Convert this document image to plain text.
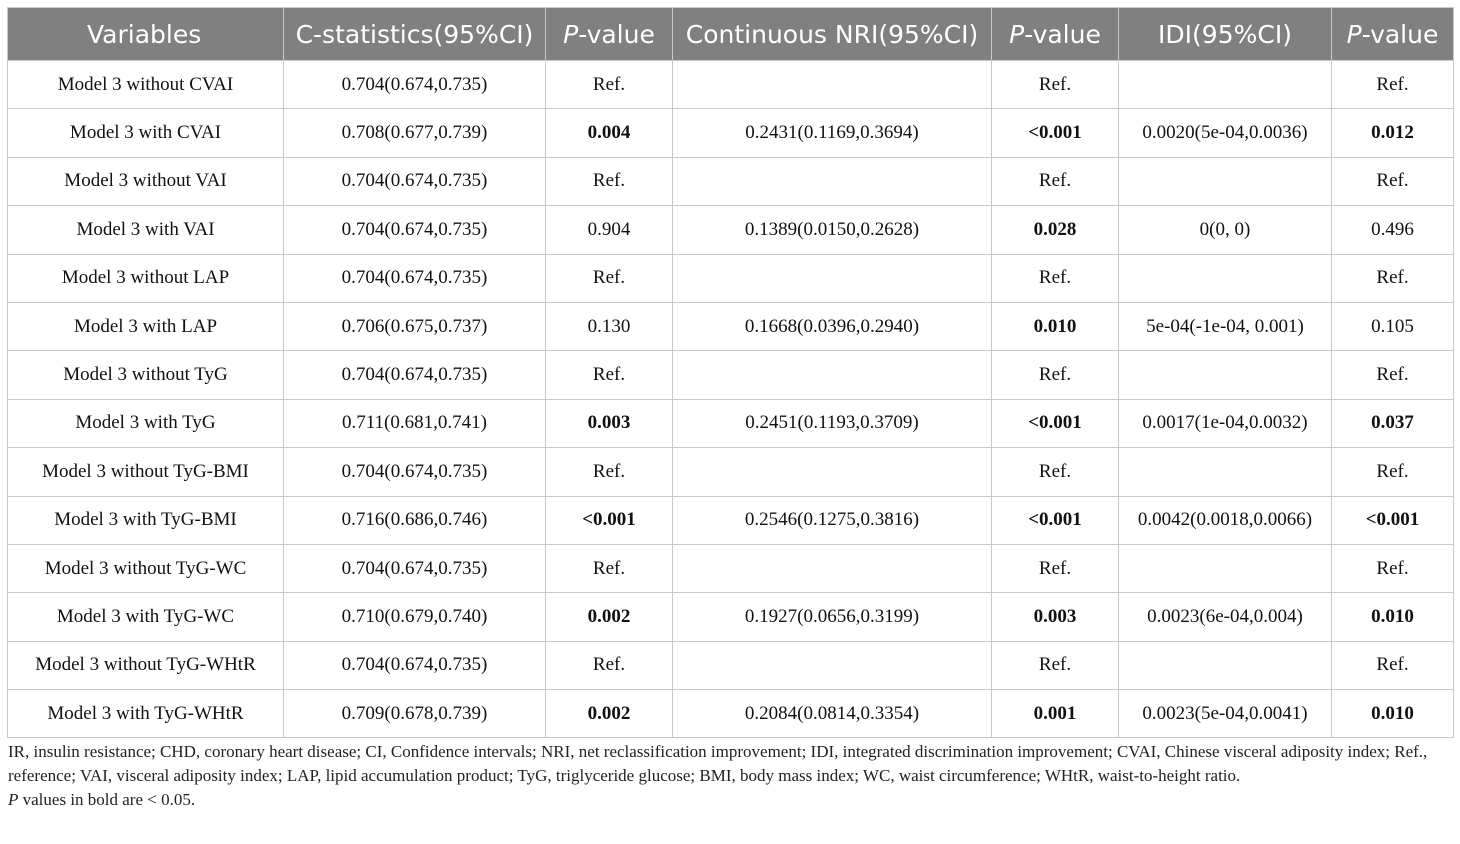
Variables	C-statistics(95%CI)	P-value	Continuous NRI(95%CI)	P-value	IDI(95%CI)	P-value
Model 3 without CVAI	0.704(0.674,0.735)	Ref.		Ref.		Ref.
Model 3 with CVAI	0.708(0.677,0.739)	0.004	0.2431(0.1169,0.3694)	<0.001	0.0020(5e-04,0.0036)	0.012
Model 3 without VAI	0.704(0.674,0.735)	Ref.		Ref.		Ref.
Model 3 with VAI	0.704(0.674,0.735)	0.904	0.1389(0.0150,0.2628)	0.028	0(0, 0)	0.496
Model 3 without LAP	0.704(0.674,0.735)	Ref.		Ref.		Ref.
Model 3 with LAP	0.706(0.675,0.737)	0.130	0.1668(0.0396,0.2940)	0.010	5e-04(-1e-04, 0.001)	0.105
Model 3 without TyG	0.704(0.674,0.735)	Ref.		Ref.		Ref.
Model 3 with TyG	0.711(0.681,0.741)	0.003	0.2451(0.1193,0.3709)	<0.001	0.0017(1e-04,0.0032)	0.037
Model 3 without TyG-BMI	0.704(0.674,0.735)	Ref.		Ref.		Ref.
Model 3 with TyG-BMI	0.716(0.686,0.746)	<0.001	0.2546(0.1275,0.3816)	<0.001	0.0042(0.0018,0.0066)	<0.001
Model 3 without TyG-WC	0.704(0.674,0.735)	Ref.		Ref.		Ref.
Model 3 with TyG-WC	0.710(0.679,0.740)	0.002	0.1927(0.0656,0.3199)	0.003	0.0023(6e-04,0.004)	0.010
Model 3 without TyG-WHtR	0.704(0.674,0.735)	Ref.		Ref.		Ref.
Model 3 with TyG-WHtR	0.709(0.678,0.739)	0.002	0.2084(0.0814,0.3354)	0.001	0.0023(5e-04,0.0041)	0.010
IR, insulin resistance; CHD, coronary heart disease; CI, Confidence intervals; NRI, net reclassification improvement; IDI, integrated discrimination improvement; CVAI, Chinese visceral adiposity index; Ref., reference; VAI, visceral adiposity index; LAP, lipid accumulation product; TyG, triglyceride glucose; BMI, body mass index; WC, waist circumference; WHtR, waist-to-height ratio.
P values in bold are < 0.05.
